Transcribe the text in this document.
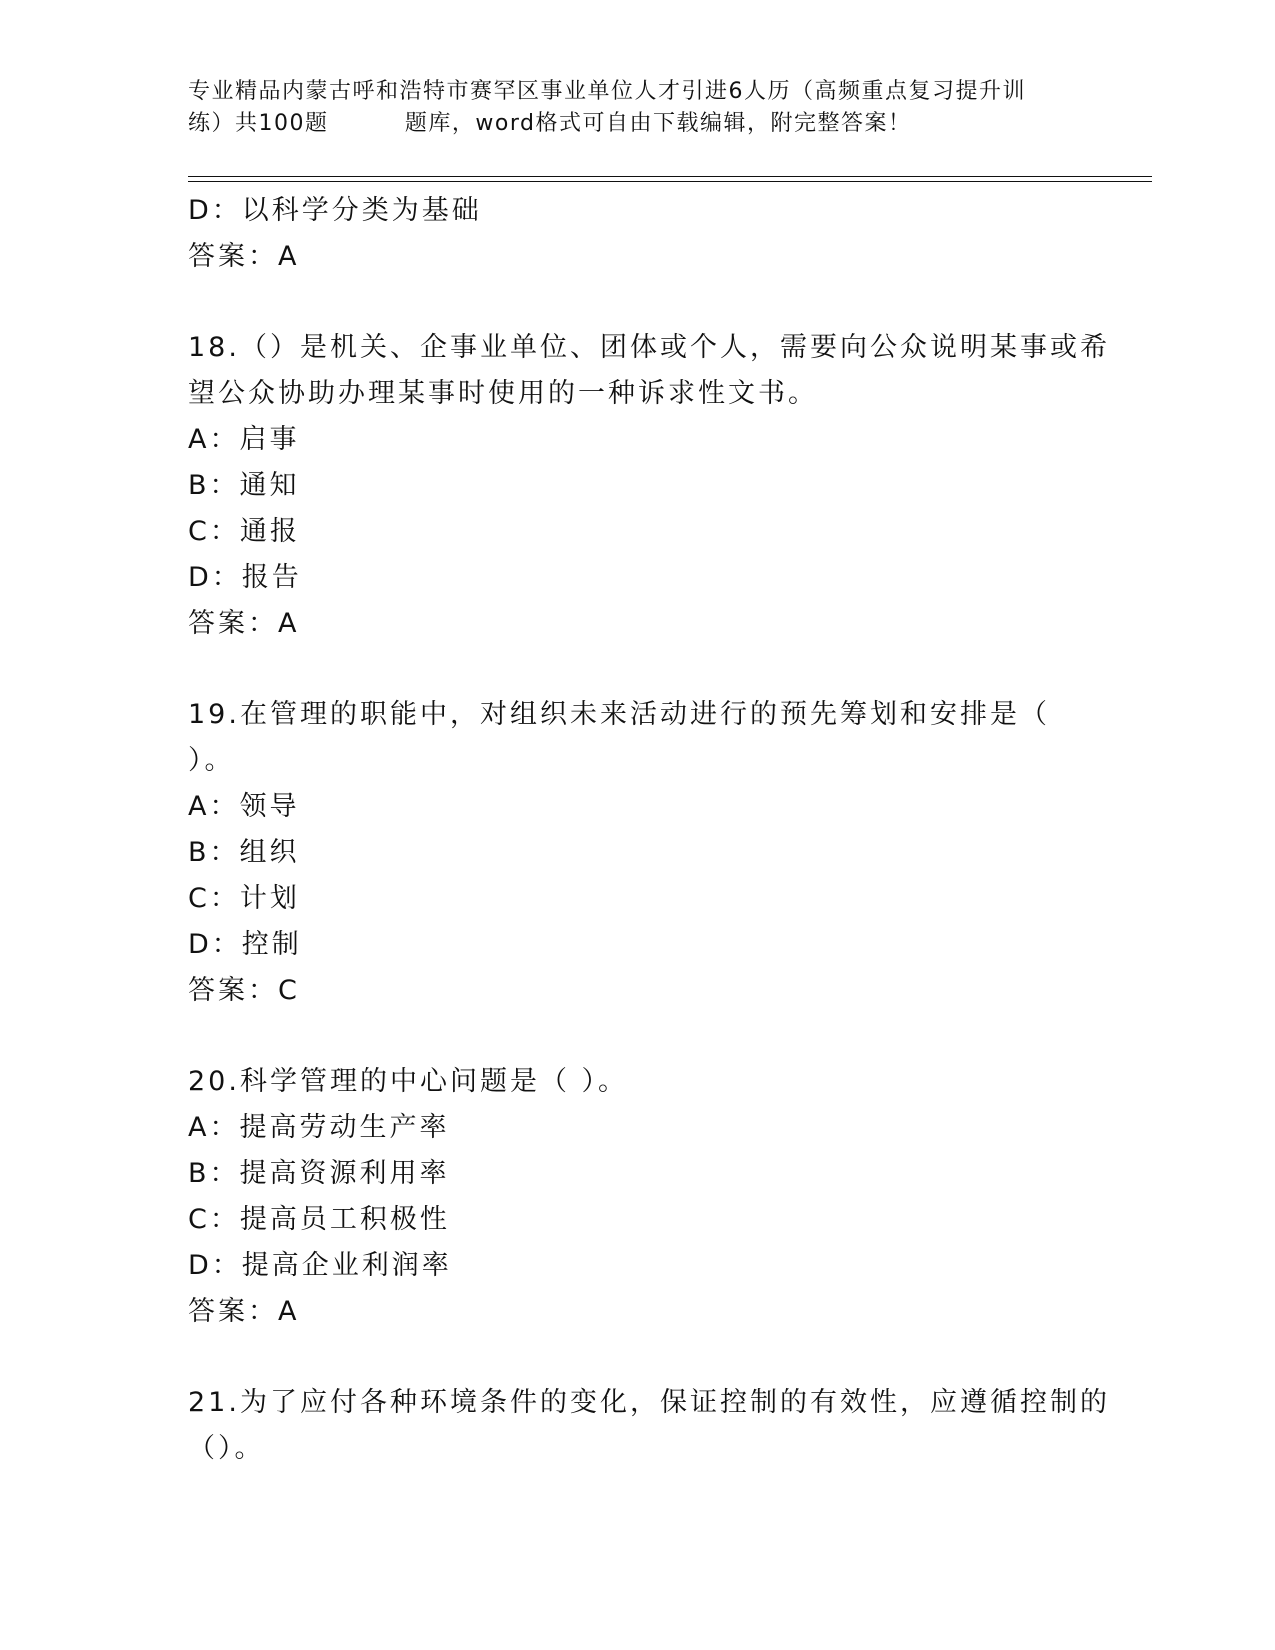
专业精品内蒙古呼和浩特市赛罕区事业单位人才引进6人历（高频重点复习提升训
练）共100题         题库，word格式可自由下载编辑，附完整答案！
D：以科学分类为基础
答案：A
18.（）是机关、企事业单位、团体或个人，需要向公众说明某事或希
望公众协助办理某事时使用的一种诉求性文书。
A：启事
B：通知
C：通报
D：报告
答案：A
19.在管理的职能中，对组织未来活动进行的预先筹划和安排是（
）。
A：领导
B：组织
C：计划
D：控制
答案：C
20.科学管理的中心问题是（ ）。
A：提高劳动生产率
B：提高资源利用率
C：提高员工积极性
D：提高企业利润率
答案：A
21.为了应付各种环境条件的变化，保证控制的有效性，应遵循控制的
（）。
